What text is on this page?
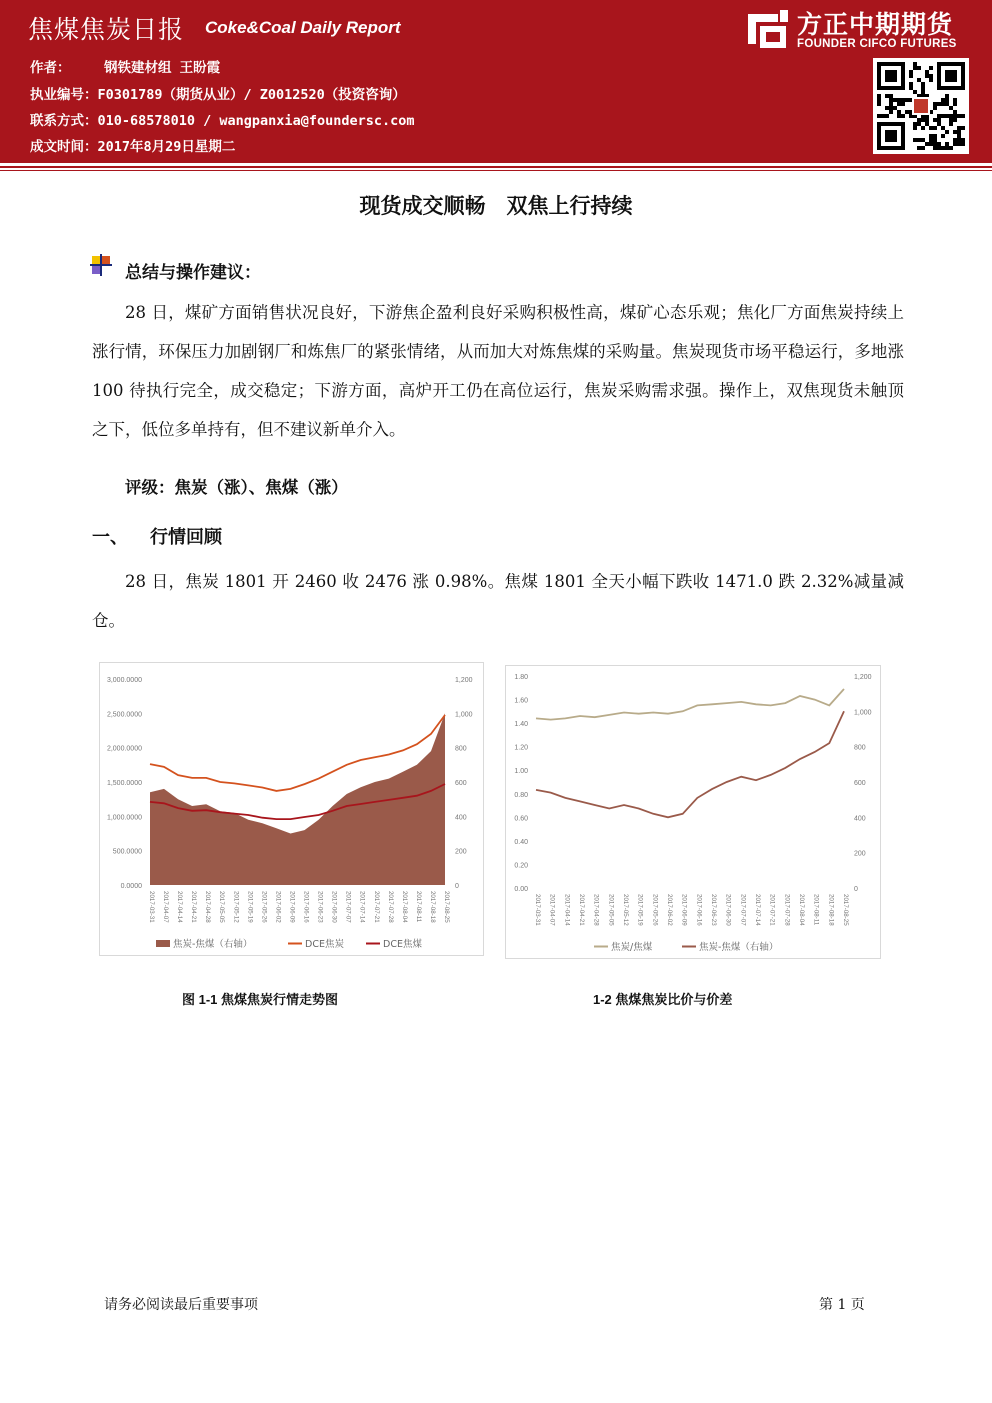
焦煤焦炭日报 Coke&Coal Daily Report
作者： 钢铁建材组 王盼霞
执业编号：F0301789（期货从业）/ Z0012520（投资咨询）
联系方式：010-68578010 / wangpanxia@foundersc.com
成文时间：2017年8月29日星期二
方正中期期货
FOUNDER CIFCO FUTURES
现货成交顺畅　双焦上行持续
总结与操作建议：
28 日，煤矿方面销售状况良好，下游焦企盈利良好采购积极性高，煤矿心态乐观；焦化厂方面焦炭持续上涨行情，环保压力加剧钢厂和炼焦厂的紧张情绪，从而加大对炼焦煤的采购量。焦炭现货市场平稳运行，多地涨 100 待执行完全，成交稳定；下游方面，高炉开工仍在高位运行，焦炭采购需求强。操作上，双焦现货未触顶之下，低位多单持有，但不建议新单介入。
评级：焦炭（涨）、焦煤（涨）
一、 行情回顾
28 日，焦炭 1801 开 2460 收 2476 涨 0.98%。焦煤 1801 全天小幅下跌收 1471.0 跌 2.32%减量减仓。
0.0000
500.0000
1,000.0000
1,500.0000
2,000.0000
2,500.0000
3,000.0000
0
200
400
600
800
1,000
1,200
2017-03-31 2017-04-07 2017-04-14 2017-04-21 2017-04-28 2017-05-05 2017-05-12 2017-05-19 2017-05-26 2017-06-02 2017-06-09 2017-06-16 2017-06-23 2017-06-30 2017-07-07 2017-07-14 2017-07-21 2017-07-28 2017-08-04 2017-08-11 2017-08-18 2017-08-25
焦炭-焦煤（右轴）	DCE焦炭	DCE焦煤
图 1-1 焦煤焦炭行情走势图
0.00
0.20
0.40
0.60
0.80
1.00
1.20
1.40
1.60
1.80
0
200
400
600
800
1,000
1,200
2017-03-31 2017-04-07 2017-04-14 2017-04-21 2017-04-28 2017-05-05 2017-05-12 2017-05-19 2017-05-26 2017-06-02 2017-06-09 2017-06-16 2017-06-23 2017-06-30 2017-07-07 2017-07-14 2017-07-21 2017-07-28 2017-08-04 2017-08-11 2017-08-18 2017-08-25
焦炭/焦煤	焦炭-焦煤（右轴）
1-2 焦煤焦炭比价与价差
请务必阅读最后重要事项	第 1 页
